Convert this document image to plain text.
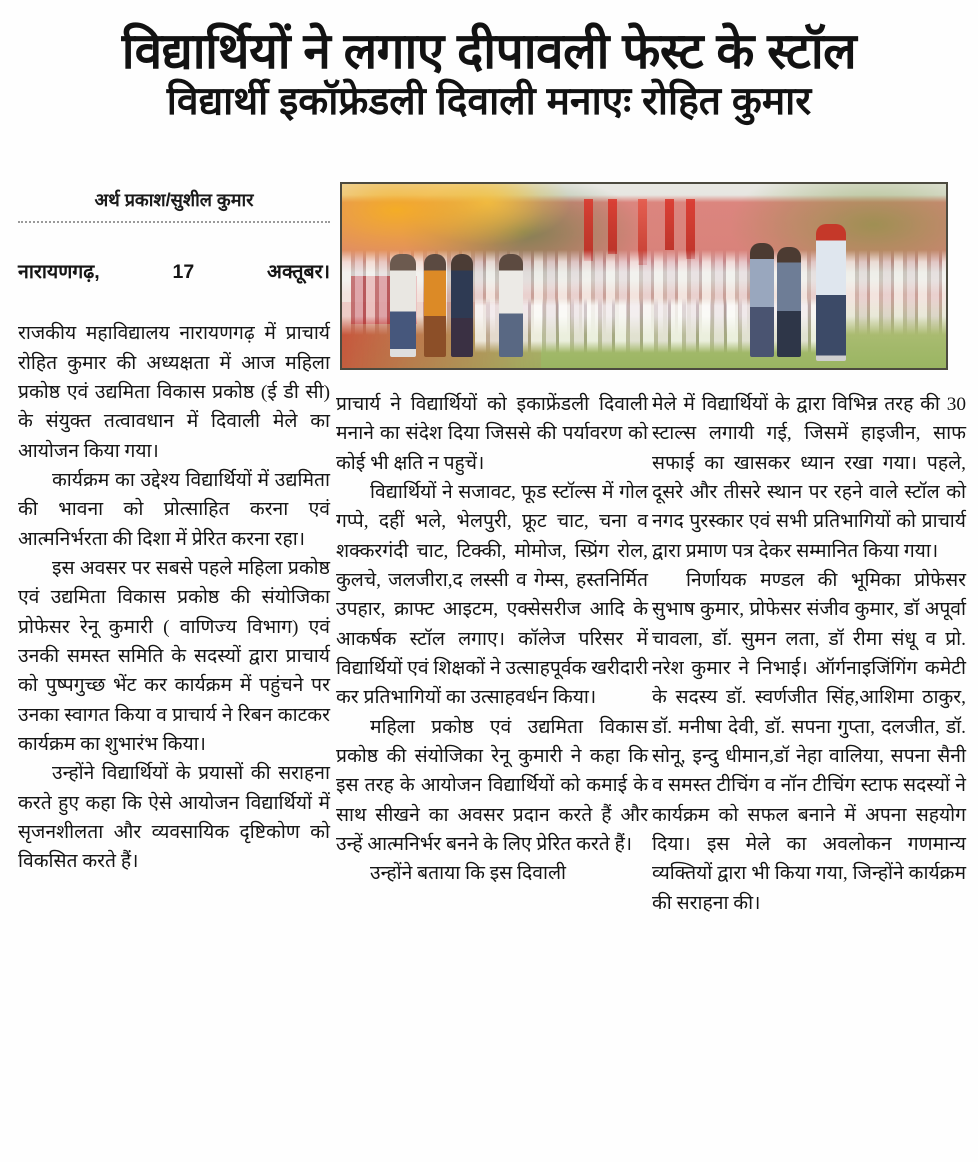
विद्यार्थियों ने लगाए दीपावली फेस्ट के स्टॉल
विद्यार्थी इकॉफ्रेडली दिवाली मनाएः रोहित कुमार
अर्थ प्रकाश/सुशील कुमार
नारायणगढ़,	17	अक्तूबर।

राजकीय महाविद्यालय नारायणगढ़ में प्राचार्य रोहित कुमार की अध्यक्षता में आज महिला प्रकोष्ठ एवं उद्यमिता विकास प्रकोष्ठ (ई डी सी) के संयुक्त तत्वावधान में दिवाली मेले का आयोजन किया गया।

कार्यक्रम का उद्देश्य विद्यार्थियों में उद्यमिता की भावना को प्रोत्साहित करना एवं आत्मनिर्भरता की दिशा में प्रेरित करना रहा।

इस अवसर पर सबसे पहले महिला प्रकोष्ठ एवं उद्यमिता विकास प्रकोष्ठ की संयोजिका प्रोफेसर रेनू कुमारी ( वाणिज्य विभाग) एवं उनकी समस्त समिति के सदस्यों द्वारा प्राचार्य को पुष्पगुच्छ भेंट कर कार्यक्रम में पहुंचने पर उनका स्वागत किया व प्राचार्य ने रिबन काटकर कार्यक्रम का शुभारंभ किया।

उन्होंने विद्यार्थियों के प्रयासों की सराहना करते हुए कहा कि ऐसे आयोजन विद्यार्थियों में सृजनशीलता और व्यवसायिक दृष्टिकोण को विकसित करते हैं।

प्राचार्य ने विद्यार्थियों को इकाफ्रेंडली दिवाली मनाने का संदेश दिया जिससे की पर्यावरण को कोई भी क्षति न पहुचें।

विद्यार्थियों ने सजावट, फूड स्टॉल्स में गोल गप्पे, दहीं भले, भेलपुरी, फ्रूट चाट, चना व शक्करगंदी चाट, टिक्की, मोमोज, स्प्रिंग रोल, कुलचे, जलजीरा,द लस्सी व गेम्स, हस्तनिर्मित उपहार, क्राफ्ट आइटम, एक्सेसरीज आदि के आकर्षक स्टॉल लगाए। कॉलेज परिसर में विद्यार्थियों एवं शिक्षकों ने उत्साहपूर्वक खरीदारी कर प्रतिभागियों का उत्साहवर्धन किया।

महिला प्रकोष्ठ एवं उद्यमिता विकास प्रकोष्ठ की संयोजिका रेनू कुमारी ने कहा कि इस तरह के आयोजन विद्यार्थियों को कमाई के साथ सीखने का अवसर प्रदान करते हैं और उन्हें आत्मनिर्भर बनने के लिए प्रेरित करते हैं।

उन्होंने बताया कि इस दिवाली

मेले में विद्यार्थियों के द्वारा विभिन्न तरह की 30 स्टाल्स लगायी गई, जिसमें हाइजीन, साफ सफाई का खासकर ध्यान रखा गया। पहले, दूसरे और तीसरे स्थान पर रहने वाले स्टॉल को नगद पुरस्कार एवं सभी प्रतिभागियों को प्राचार्य द्वारा प्रमाण पत्र देकर सम्मानित किया गया।

निर्णायक मण्डल की भूमिका प्रोफेसर सुभाष कुमार, प्रोफेसर संजीव कुमार, डॉ अपूर्वा चावला, डॉ. सुमन लता, डॉ रीमा संधू व प्रो. नरेश कुमार ने निभाई। ऑर्गनाइजिंगिंग कमेटी के सदस्य डॉ. स्वर्णजीत सिंह,आशिमा ठाकुर, डॉ. मनीषा देवी, डॉ. सपना गुप्ता, दलजीत, डॉ. सोनू, इन्दु धीमान,डॉ नेहा वालिया, सपना सैनी व समस्त टीचिंग व नॉन टीचिंग स्टाफ सदस्यों ने कार्यक्रम को सफल बनाने में अपना सहयोग दिया। इस मेले का अवलोकन गणमान्य व्यक्तियों द्वारा भी किया गया, जिन्होंने कार्यक्रम की सराहना की।
